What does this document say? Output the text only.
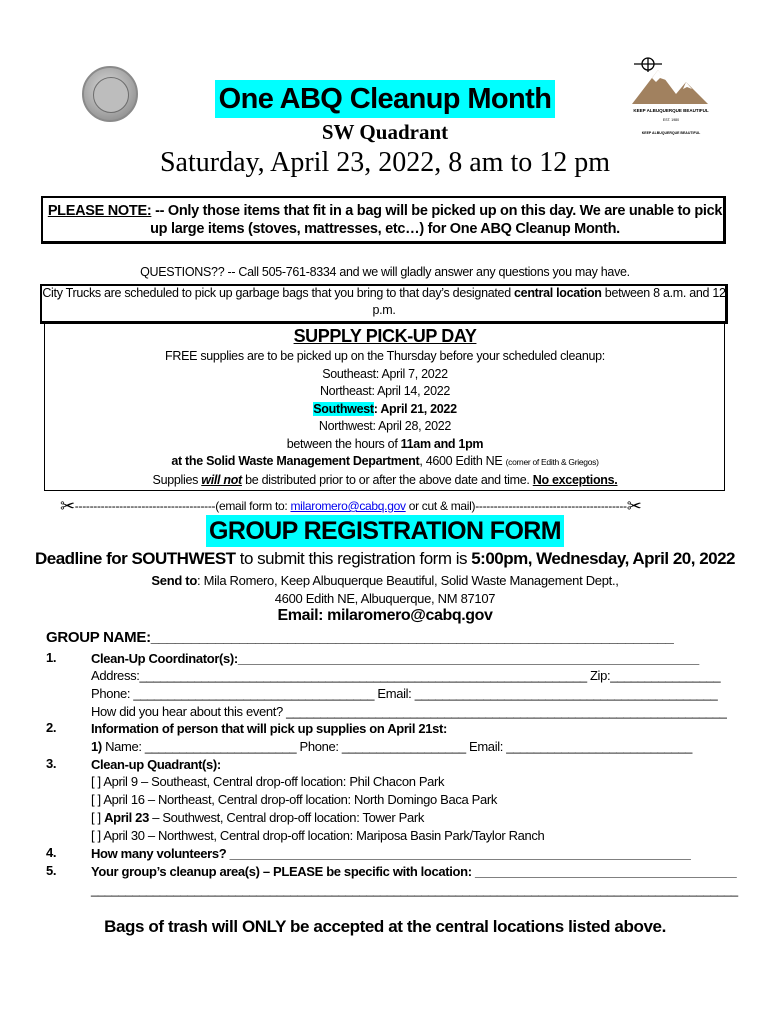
KEEP ALBUQUERQUE BEAUTIFUL
EST. 1980
KEEP ALBUQUERQUE BEAUTIFUL
One ABQ Cleanup Month
SW Quadrant
Saturday, April 23, 2022, 8 am to 12 pm
PLEASE NOTE: -- Only those items that fit in a bag will be picked up on this day. We are unable to pick up large items (stoves, mattresses, etc…) for One ABQ Cleanup Month.
QUESTIONS?? -- Call 505-761-8334 and we will gladly answer any questions you may have.
City Trucks are scheduled to pick up garbage bags that you bring to that day’s designated central location between 8 a.m. and 12 p.m.
SUPPLY PICK-UP DAY
FREE supplies are to be picked up on the Thursday before your scheduled cleanup:
Southeast: April 7, 2022
Northeast: April 14, 2022
Southwest: April 21, 2022
Northwest: April 28, 2022
between the hours of 11am and 1pm
at the Solid Waste Management Department, 4600 Edith NE (corner of Edith & Griegos)
Supplies will not be distributed prior to or after the above date and time. No exceptions.
✂--------------------------------------(email form to: milaromero@cabq.gov or cut & mail)-----------------------------------------✂
GROUP REGISTRATION FORM
Deadline for SOUTHWEST to submit this registration form is 5:00pm, Wednesday, April 20, 2022
Send to: Mila Romero, Keep Albuquerque Beautiful, Solid Waste Management Dept.,
4600 Edith NE, Albuquerque, NM 87107
Email: milaromero@cabq.gov
GROUP NAME:_________________________________________________________________
1.	Clean-Up Coordinator(s):___________________________________________________________________
Address:_________________________________________________________________ Zip:________________
Phone: ___________________________________ Email: ____________________________________________
How did you hear about this event? ________________________________________________________________
2.	Information of person that will pick up supplies on April 21st:
1) Name: ______________________ Phone: __________________ Email: ___________________________
3.	Clean-up Quadrant(s):
[ ] April 9 – Southeast, Central drop-off location: Phil Chacon Park
[ ] April 16 – Northeast, Central drop-off location: North Domingo Baca Park
[ ] April 23 – Southwest, Central drop-off location: Tower Park
[ ] April 30 – Northwest, Central drop-off location: Mariposa Basin Park/Taylor Ranch
4.	How many volunteers? ___________________________________________________________________
5.	Your group’s cleanup area(s) – PLEASE be specific with location: ______________________________________
______________________________________________________________________________________________
Bags of trash will ONLY be accepted at the central locations listed above.
